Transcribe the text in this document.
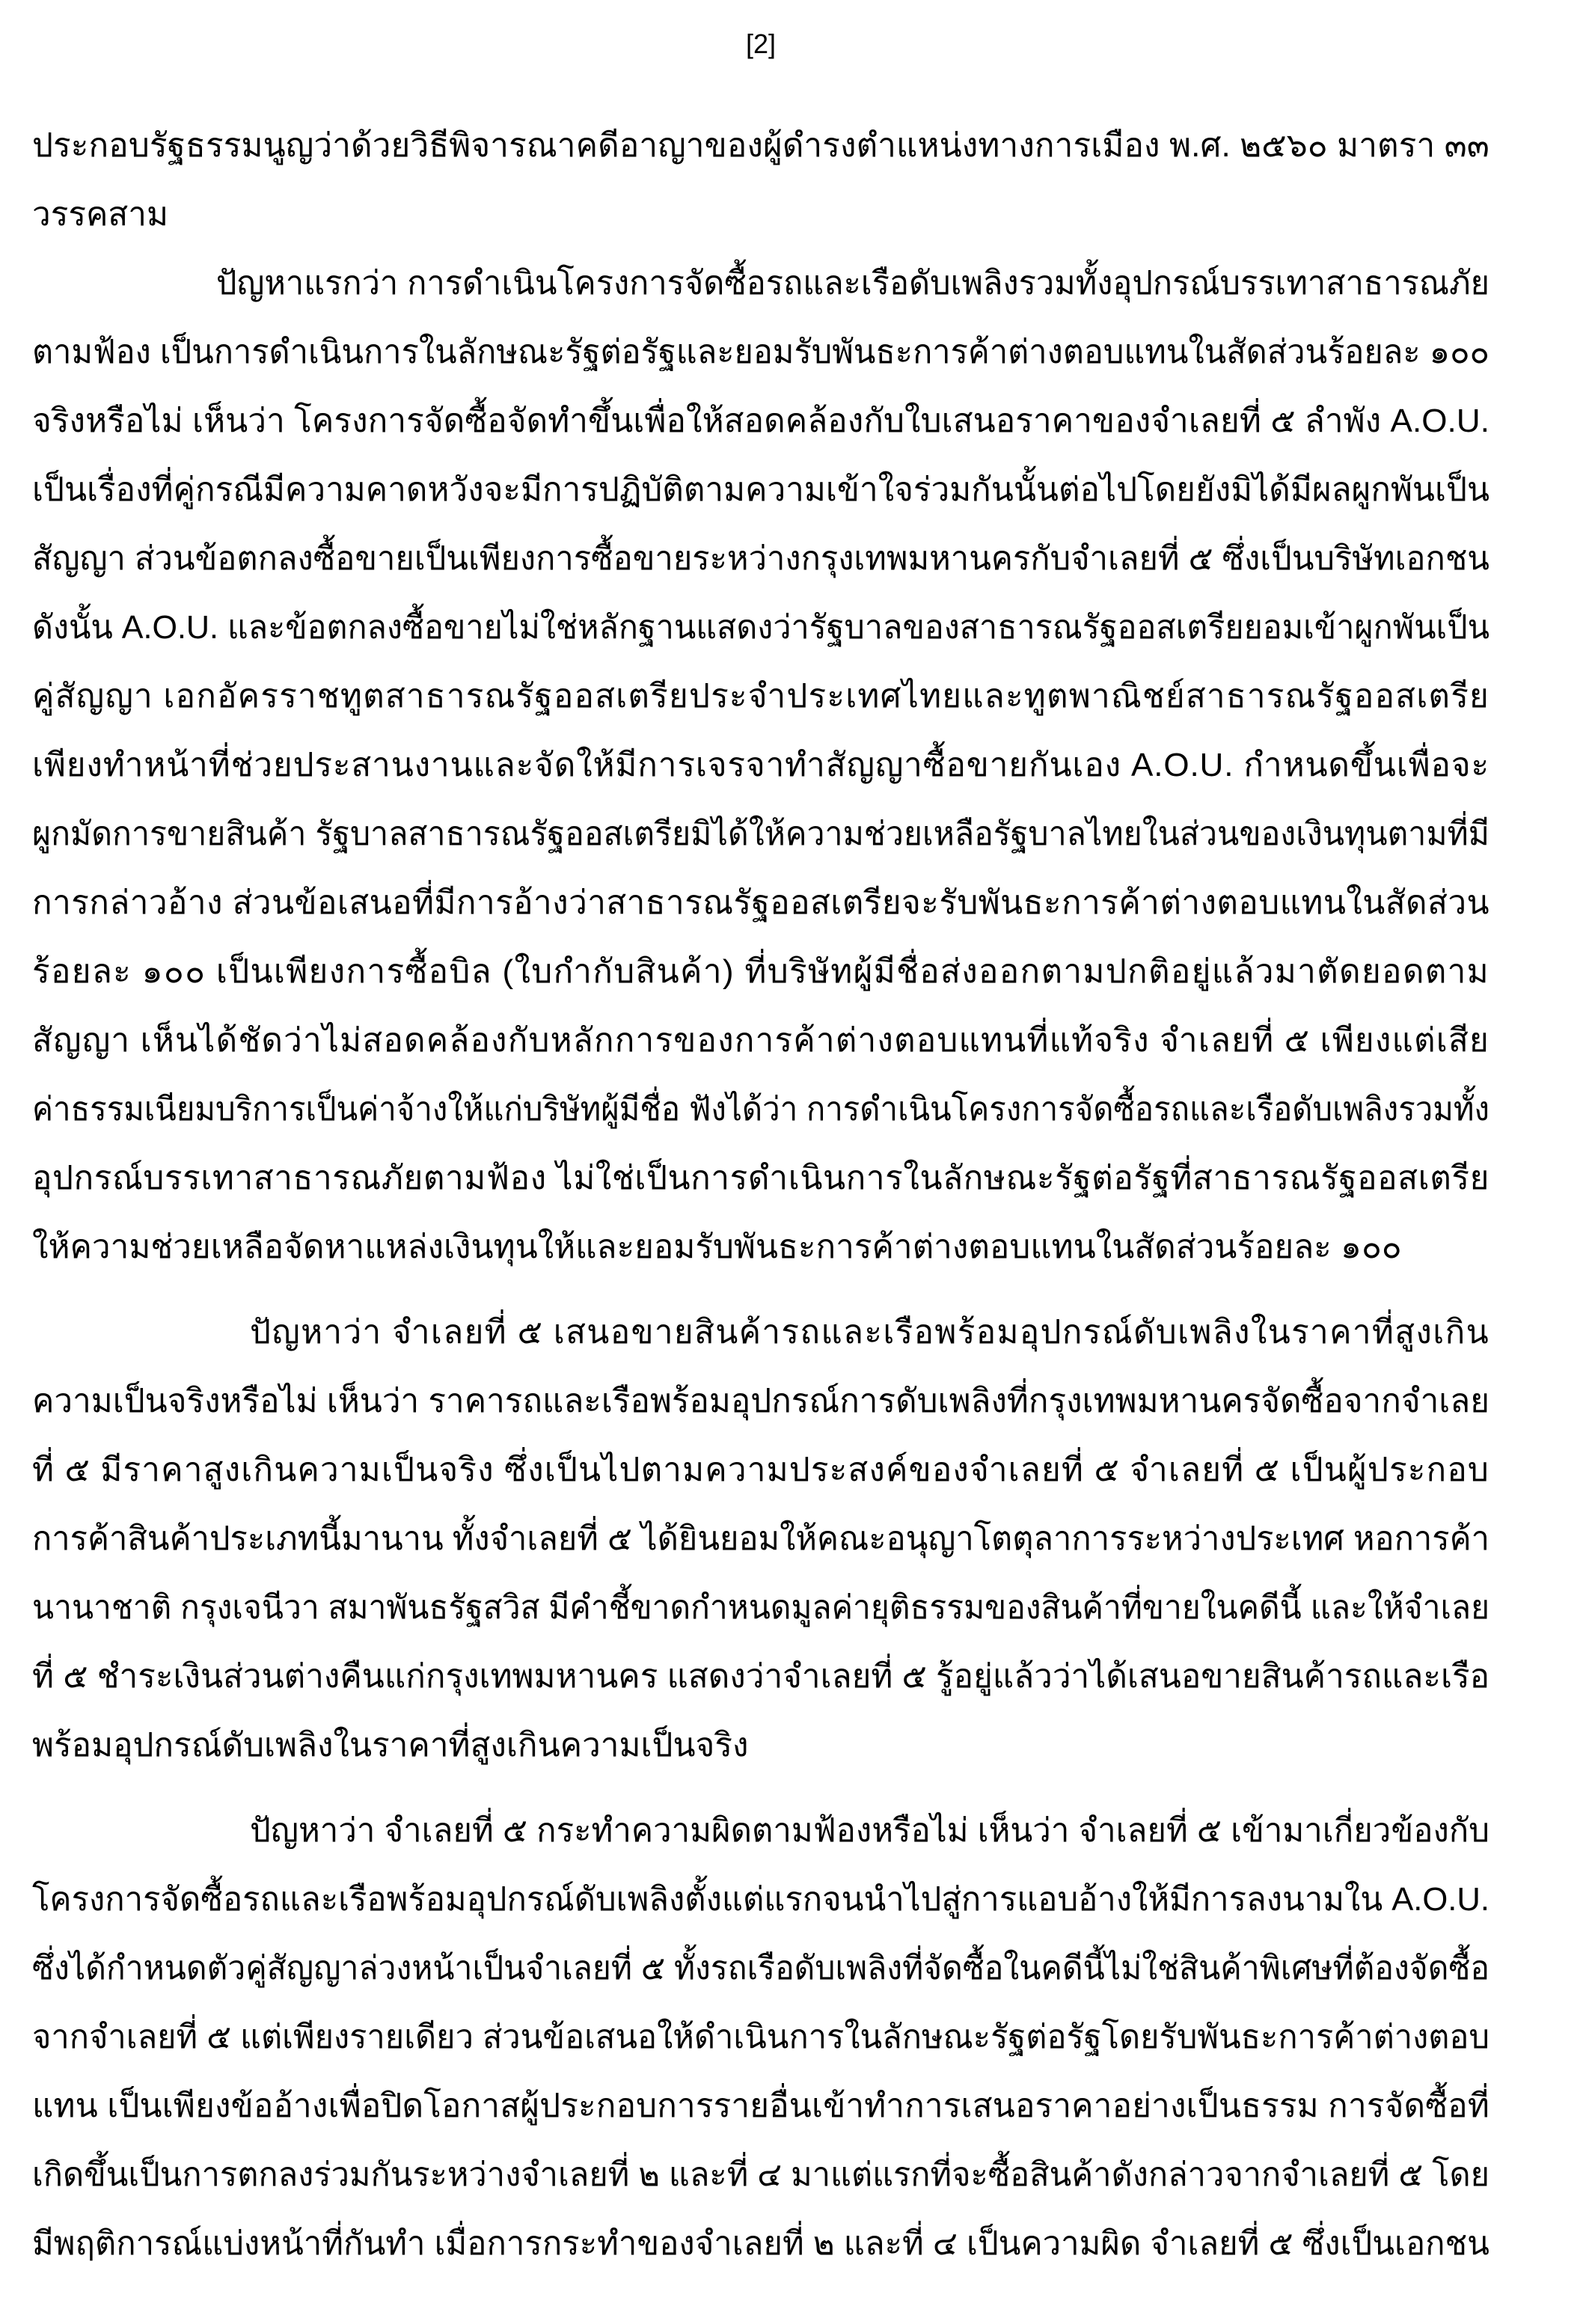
[2]
ประกอบรัฐธรรมนูญว่าด้วยวิธีพิจารณาคดีอาญาของผู้ดำรงตำแหน่งทางการเมือง พ.ศ. ๒๕๖๐ มาตรา ๓๓
วรรคสาม
ปัญหาแรกว่า การดำเนินโครงการจัดซื้อรถและเรือดับเพลิงรวมทั้งอุปกรณ์บรรเทาสาธารณภัย
ตามฟ้อง เป็นการดำเนินการในลักษณะรัฐต่อรัฐและยอมรับพันธะการค้าต่างตอบแทนในสัดส่วนร้อยละ ๑๐๐
จริงหรือไม่ เห็นว่า โครงการจัดซื้อจัดทำขึ้นเพื่อให้สอดคล้องกับใบเสนอราคาของจำเลยที่ ๕ ลำพัง A.O.U.
เป็นเรื่องที่คู่กรณีมีความคาดหวังจะมีการปฏิบัติตามความเข้าใจร่วมกันนั้นต่อไปโดยยังมิได้มีผลผูกพันเป็น
สัญญา ส่วนข้อตกลงซื้อขายเป็นเพียงการซื้อขายระหว่างกรุงเทพมหานครกับจำเลยที่ ๕ ซึ่งเป็นบริษัทเอกชน
ดังนั้น A.O.U. และข้อตกลงซื้อขายไม่ใช่หลักฐานแสดงว่ารัฐบาลของสาธารณรัฐออสเตรียยอมเข้าผูกพันเป็น
คู่สัญญา เอกอัครราชทูตสาธารณรัฐออสเตรียประจำประเทศไทยและทูตพาณิชย์สาธารณรัฐออสเตรีย
เพียงทำหน้าที่ช่วยประสานงานและจัดให้มีการเจรจาทำสัญญาซื้อขายกันเอง A.O.U. กำหนดขึ้นเพื่อจะ
ผูกมัดการขายสินค้า รัฐบาลสาธารณรัฐออสเตรียมิได้ให้ความช่วยเหลือรัฐบาลไทยในส่วนของเงินทุนตามที่มี
การกล่าวอ้าง ส่วนข้อเสนอที่มีการอ้างว่าสาธารณรัฐออสเตรียจะรับพันธะการค้าต่างตอบแทนในสัดส่วน
ร้อยละ ๑๐๐ เป็นเพียงการซื้อบิล (ใบกำกับสินค้า) ที่บริษัทผู้มีชื่อส่งออกตามปกติอยู่แล้วมาตัดยอดตาม
สัญญา เห็นได้ชัดว่าไม่สอดคล้องกับหลักการของการค้าต่างตอบแทนที่แท้จริง จำเลยที่ ๕ เพียงแต่เสีย
ค่าธรรมเนียมบริการเป็นค่าจ้างให้แก่บริษัทผู้มีชื่อ ฟังได้ว่า การดำเนินโครงการจัดซื้อรถและเรือดับเพลิงรวมทั้ง
อุปกรณ์บรรเทาสาธารณภัยตามฟ้อง ไม่ใช่เป็นการดำเนินการในลักษณะรัฐต่อรัฐที่สาธารณรัฐออสเตรีย
ให้ความช่วยเหลือจัดหาแหล่งเงินทุนให้และยอมรับพันธะการค้าต่างตอบแทนในสัดส่วนร้อยละ ๑๐๐
ปัญหาว่า จำเลยที่ ๕ เสนอขายสินค้ารถและเรือพร้อมอุปกรณ์ดับเพลิงในราคาที่สูงเกิน
ความเป็นจริงหรือไม่ เห็นว่า ราคารถและเรือพร้อมอุปกรณ์การดับเพลิงที่กรุงเทพมหานครจัดซื้อจากจำเลย
ที่ ๕ มีราคาสูงเกินความเป็นจริง ซึ่งเป็นไปตามความประสงค์ของจำเลยที่ ๕ จำเลยที่ ๕ เป็นผู้ประกอบ
การค้าสินค้าประเภทนี้มานาน ทั้งจำเลยที่ ๕ ได้ยินยอมให้คณะอนุญาโตตุลาการระหว่างประเทศ หอการค้า
นานาชาติ กรุงเจนีวา สมาพันธรัฐสวิส มีคำชี้ขาดกำหนดมูลค่ายุติธรรมของสินค้าที่ขายในคดีนี้ และให้จำเลย
ที่ ๕ ชำระเงินส่วนต่างคืนแก่กรุงเทพมหานคร แสดงว่าจำเลยที่ ๕ รู้อยู่แล้วว่าได้เสนอขายสินค้ารถและเรือ
พร้อมอุปกรณ์ดับเพลิงในราคาที่สูงเกินความเป็นจริง
ปัญหาว่า จำเลยที่ ๕ กระทำความผิดตามฟ้องหรือไม่ เห็นว่า จำเลยที่ ๕ เข้ามาเกี่ยวข้องกับ
โครงการจัดซื้อรถและเรือพร้อมอุปกรณ์ดับเพลิงตั้งแต่แรกจนนำไปสู่การแอบอ้างให้มีการลงนามใน A.O.U.
ซึ่งได้กำหนดตัวคู่สัญญาล่วงหน้าเป็นจำเลยที่ ๕ ทั้งรถเรือดับเพลิงที่จัดซื้อในคดีนี้ไม่ใช่สินค้าพิเศษที่ต้องจัดซื้อ
จากจำเลยที่ ๕ แต่เพียงรายเดียว ส่วนข้อเสนอให้ดำเนินการในลักษณะรัฐต่อรัฐโดยรับพันธะการค้าต่างตอบ
แทน เป็นเพียงข้ออ้างเพื่อปิดโอกาสผู้ประกอบการรายอื่นเข้าทำการเสนอราคาอย่างเป็นธรรม การจัดซื้อที่
เกิดขึ้นเป็นการตกลงร่วมกันระหว่างจำเลยที่ ๒ และที่ ๔ มาแต่แรกที่จะซื้อสินค้าดังกล่าวจากจำเลยที่ ๕ โดย
มีพฤติการณ์แบ่งหน้าที่กันทำ เมื่อการกระทำของจำเลยที่ ๒ และที่ ๔ เป็นความผิด จำเลยที่ ๕ ซึ่งเป็นเอกชน
